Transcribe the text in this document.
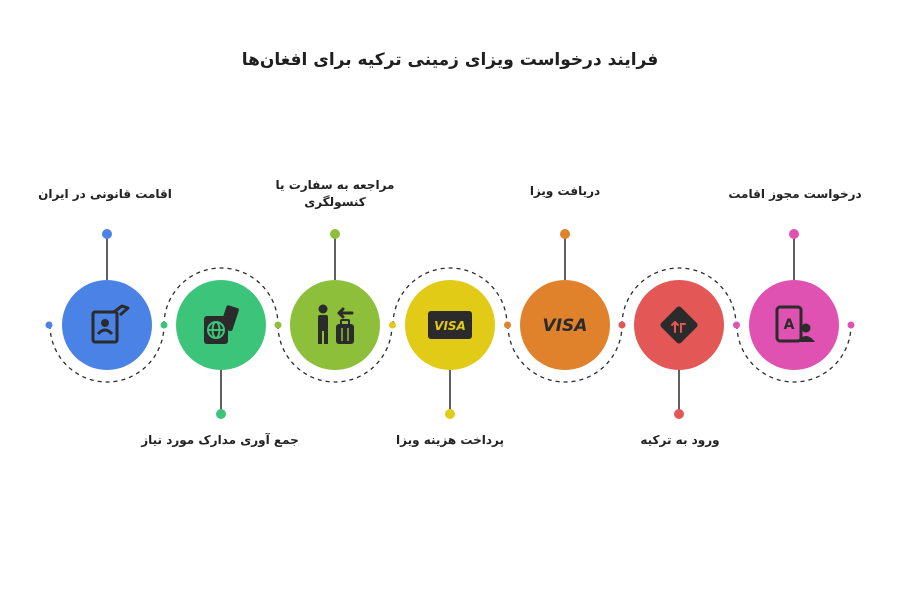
فرایند درخواست ویزای زمینی ترکیه برای افغان‌ها
VISA	VISA	A
اقامت قانونی در ایران
جمع آوری مدارک مورد نیاز
مراجعه به سفارت یا
کنسولگری
پرداخت هزینه ویزا
دریافت ویزا
ورود به ترکیه
درخواست مجوز اقامت
